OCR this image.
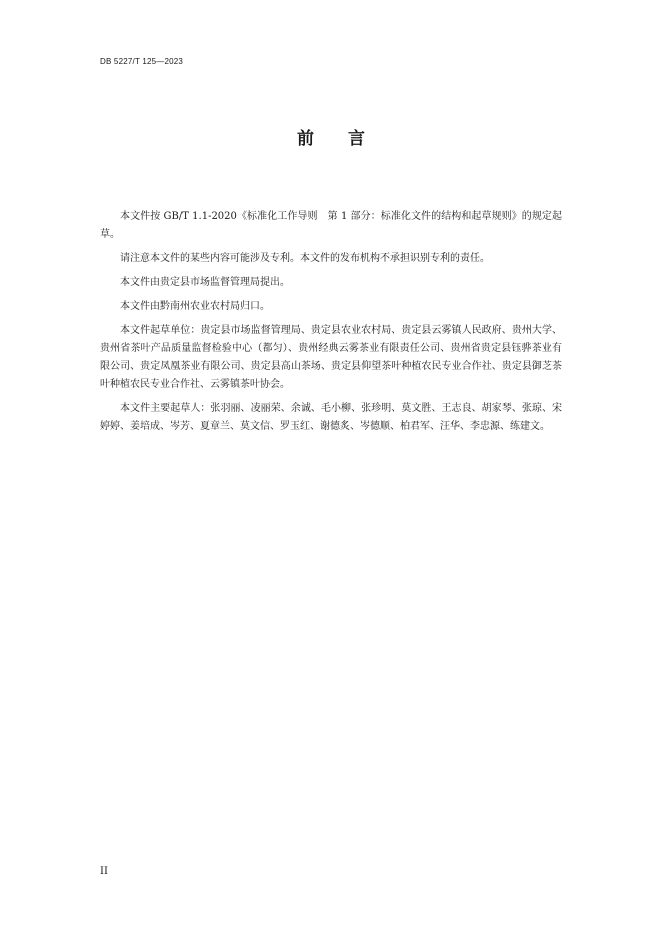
DB 5227/T 125—2023
前 言

本文件按 GB/T 1.1-2020《标准化工作导则　第 1 部分：标准化文件的结构和起草规则》的规定起草。

请注意本文件的某些内容可能涉及专利。本文件的发布机构不承担识别专利的责任。

本文件由贵定县市场监督管理局提出。

本文件由黔南州农业农村局归口。

本文件起草单位：贵定县市场监督管理局、贵定县农业农村局、贵定县云雾镇人民政府、贵州大学、贵州省茶叶产品质量监督检验中心（都匀）、贵州经典云雾茶业有限责任公司、贵州省贵定县钰骅茶业有限公司、贵定凤凰茶业有限公司、贵定县高山茶场、贵定县仰望茶叶种植农民专业合作社、贵定县御芝茶叶种植农民专业合作社、云雾镇茶叶协会。

本文件主要起草人：张羽丽、凌丽荣、余诚、毛小柳、张珍明、莫文胜、王志良、胡家琴、张琼、宋婷婷、姜培成、岑芳、夏章兰、莫文信、罗玉红、谢德炙、岑德顺、柏君军、汪华、李忠源、练建文。

II
